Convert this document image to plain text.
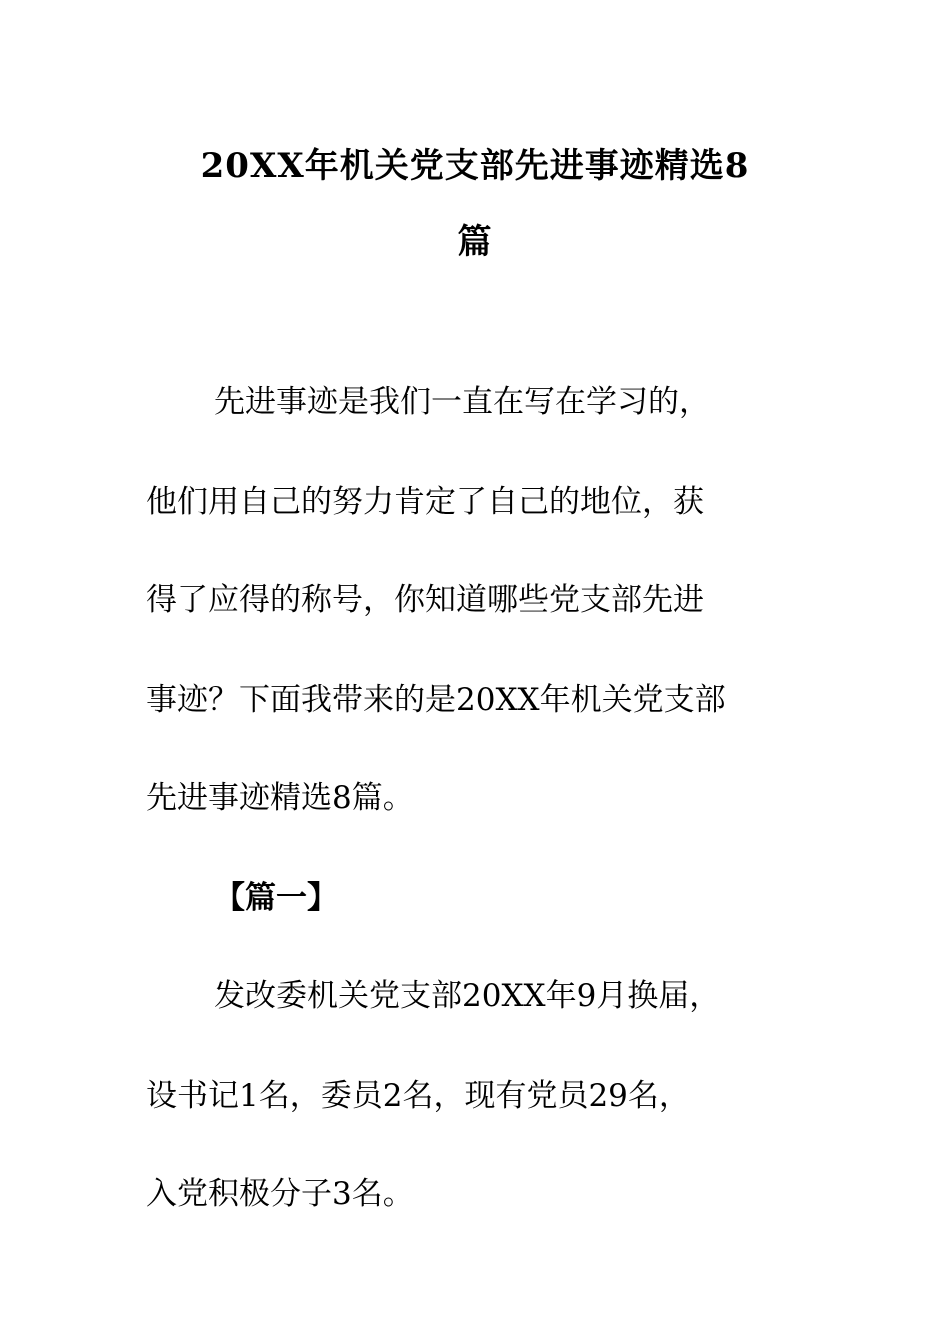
20XX年机关党支部先进事迹精选8
篇
先进事迹是我们一直在写在学习的，
他们用自己的努力肯定了自己的地位，获
得了应得的称号，你知道哪些党支部先进
事迹？下面我带来的是20XX年机关党支部
先进事迹精选8篇。
【篇一】
发改委机关党支部20XX年9月换届，
设书记1名，委员2名，现有党员29名，
入党积极分子3名。
